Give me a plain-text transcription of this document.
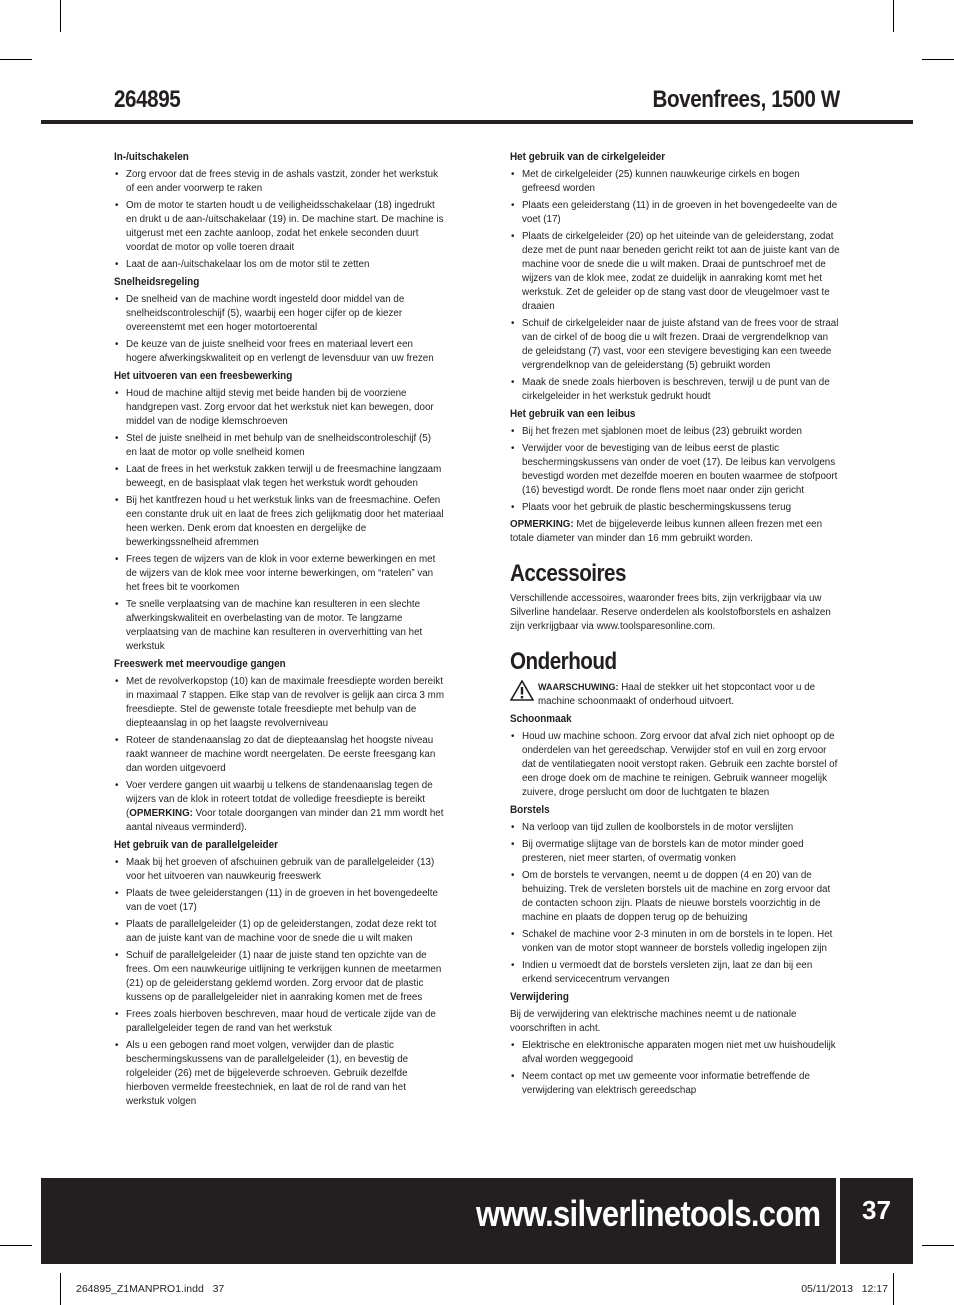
264895	Bovenfrees, 1500 W
In-/uitschakelen
• Zorg ervoor dat de frees stevig in de ashals vastzit, zonder het werkstuk of een ander voorwerp te raken
• Om de motor te starten houdt u de veiligheidsschakelaar (18) ingedrukt en drukt u de aan-/uitschakelaar (19) in. De machine start. De machine is uitgerust met een zachte aanloop, zodat het enkele seconden duurt voordat de motor op volle toeren draait
• Laat de aan-/uitschakelaar los om de motor stil te zetten
Snelheidsregeling
• De snelheid van de machine wordt ingesteld door middel van de snelheidscontroleschijf (5), waarbij een hoger cijfer op de kiezer overeenstemt met een hoger motortoerental
• De keuze van de juiste snelheid voor frees en materiaal levert een hogere afwerkingskwaliteit op en verlengt de levensduur van uw frezen
Het uitvoeren van een freesbewerking
• Houd de machine altijd stevig met beide handen bij de voorziene handgrepen vast. Zorg ervoor dat het werkstuk niet kan bewegen, door middel van de nodige klemschroeven
• Stel de juiste snelheid in met behulp van de snelheidscontroleschijf (5) en laat de motor op volle snelheid komen
• Laat de frees in het werkstuk zakken terwijl u de freesmachine langzaam beweegt, en de basisplaat vlak tegen het werkstuk wordt gehouden
• Bij het kantfrezen houd u het werkstuk links van de freesmachine. Oefen een constante druk uit en laat de frees zich gelijkmatig door het materiaal heen werken. Denk erom dat knoesten en dergelijke de bewerkingssnelheid afremmen
• Frees tegen de wijzers van de klok in voor externe bewerkingen en met de wijzers van de klok mee voor interne bewerkingen, om “ratelen” van het frees bit te voorkomen
• Te snelle verplaatsing van de machine kan resulteren in een slechte afwerkingskwaliteit en overbelasting van de motor. Te langzame verplaatsing van de machine kan resulteren in oververhitting van het werkstuk
Freeswerk met meervoudige gangen
• Met de revolverkopstop (10) kan de maximale freesdiepte worden bereikt in maximaal 7 stappen. Elke stap van de revolver is gelijk aan circa 3 mm freesdiepte. Stel de gewenste totale freesdiepte met behulp van de diepteaanslag in op het laagste revolverniveau
• Roteer de standenaanslag zo dat de diepteaanslag het hoogste niveau raakt wanneer de machine wordt neergelaten. De eerste freesgang kan dan worden uitgevoerd
• Voer verdere gangen uit waarbij u telkens de standenaanslag tegen de wijzers van de klok in roteert totdat de volledige freesdiepte is bereikt (OPMERKING: Voor totale doorgangen van minder dan 21 mm wordt het aantal niveaus verminderd).
Het gebruik van de parallelgeleider
• Maak bij het groeven of afschuinen gebruik van de parallelgeleider (13) voor het uitvoeren van nauwkeurig freeswerk
• Plaats de twee geleiderstangen (11) in de groeven in het bovengedeelte van de voet (17)
• Plaats de parallelgeleider (1) op de geleiderstangen, zodat deze rekt tot aan de juiste kant van de machine voor de snede die u wilt maken
• Schuif de parallelgeleider (1) naar de juiste stand ten opzichte van de frees. Om een nauwkeurige uitlijning te verkrijgen kunnen de meetarmen (21) op de geleiderstang geklemd worden. Zorg ervoor dat de plastic kussens op de parallelgeleider niet in aanraking komen met de frees
• Frees zoals hierboven beschreven, maar houd de verticale zijde van de parallelgeleider tegen de rand van het werkstuk
• Als u een gebogen rand moet volgen, verwijder dan de plastic beschermingskussens van de parallelgeleider (1), en bevestig de rolgeleider (26) met de bijgeleverde schroeven. Gebruik dezelfde hierboven vermelde freestechniek, en laat de rol de rand van het werkstuk volgen
Het gebruik van de cirkelgeleider
• Met de cirkelgeleider (25) kunnen nauwkeurige cirkels en bogen gefreesd worden
• Plaats een geleiderstang (11) in de groeven in het bovengedeelte van de voet (17)
• Plaats de cirkelgeleider (20) op het uiteinde van de geleiderstang, zodat deze met de punt naar beneden gericht reikt tot aan de juiste kant van de machine voor de snede die u wilt maken. Draai de puntschroef met de wijzers van de klok mee, zodat ze duidelijk in aanraking komt met het werkstuk. Zet de geleider op de stang vast door de vleugelmoer vast te draaien
• Schuif de cirkelgeleider naar de juiste afstand van de frees voor de straal van de cirkel of de boog die u wilt frezen. Draai de vergrendelknop van de geleidstang (7) vast, voor een stevigere bevestiging kan een tweede vergrendelknop van de geleiderstang (5) gebruikt worden
• Maak de snede zoals hierboven is beschreven, terwijl u de punt van de cirkelgeleider in het werkstuk gedrukt houdt
Het gebruik van een leibus
• Bij het frezen met sjablonen moet de leibus (23) gebruikt worden
• Verwijder voor de bevestiging van de leibus eerst de plastic beschermingskussens van onder de voet (17). De leibus kan vervolgens bevestigd worden met dezelfde moeren en bouten waarmee de stofpoort (16) bevestigd wordt. De ronde flens moet naar onder zijn gericht
• Plaats voor het gebruik de plastic beschermingskussens terug

OPMERKING: Met de bijgeleverde leibus kunnen alleen frezen met een totale diameter van minder dan 16 mm gebruikt worden.

Accessoires

Verschillende accessoires, waaronder frees bits, zijn verkrijgbaar via uw Silverline handelaar. Reserve onderdelen als koolstofborstels en ashalzen zijn verkrijgbaar via www.toolsparesonline.com.

Onderhoud
WAARSCHUWING: Haal de stekker uit het stopcontact voor u de machine schoonmaakt of onderhoud uitvoert.
Schoonmaak
• Houd uw machine schoon. Zorg ervoor dat afval zich niet ophoopt op de onderdelen van het gereedschap. Verwijder stof en vuil en zorg ervoor dat de ventilatiegaten nooit verstopt raken. Gebruik een zachte borstel of een droge doek om de machine te reinigen. Gebruik wanneer mogelijk zuivere, droge perslucht om door de luchtgaten te blazen
Borstels
• Na verloop van tijd zullen de koolborstels in de motor verslijten
• Bij overmatige slijtage van de borstels kan de motor minder goed presteren, niet meer starten, of overmatig vonken
• Om de borstels te vervangen, neemt u de doppen (4 en 20) van de behuizing. Trek de versleten borstels uit de machine en zorg ervoor dat de contacten schoon zijn. Plaats de nieuwe borstels voorzichtig in de machine en plaats de doppen terug op de behuizing
• Schakel de machine voor 2-3 minuten in om de borstels in te lopen. Het vonken van de motor stopt wanneer de borstels volledig ingelopen zijn
• Indien u vermoedt dat de borstels versleten zijn, laat ze dan bij een erkend servicecentrum vervangen
Verwijdering

Bij de verwijdering van elektrische machines neemt u de nationale voorschriften in acht.

• Elektrische en elektronische apparaten mogen niet met uw huishoudelijk afval worden weggegooid
• Neem contact op met uw gemeente voor informatie betreffende de verwijdering van elektrisch gereedschap
www.silverlinetools.com	37
264895_Z1MANPRO1.indd   37	05/11/2013   12:17
